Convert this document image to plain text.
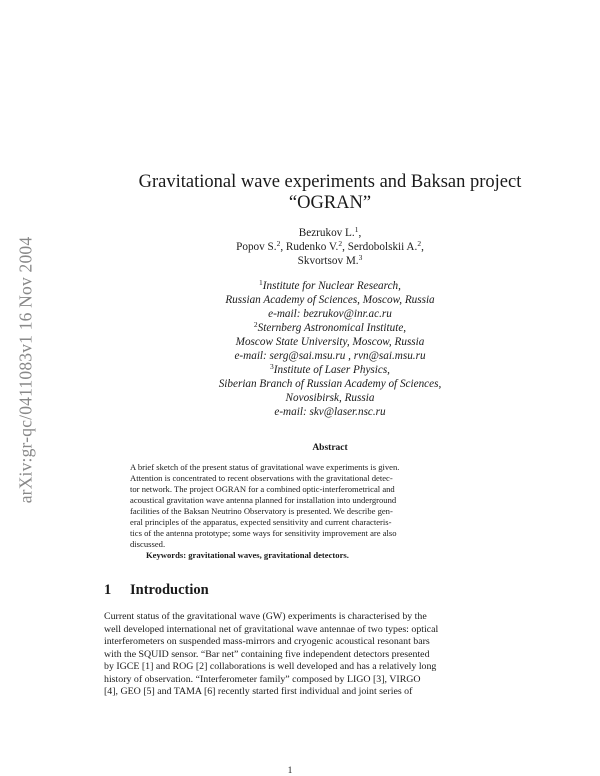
arXiv:gr-qc/0411083v1 16 Nov 2004
Gravitational wave experiments and Baksan project
“OGRAN”
Bezrukov L.$^1$,
Popov S.$^2$, Rudenko V.$^2$, Serdobolskii A.$^2$,
Skvortsov M.$^3$
$^1$Institute for Nuclear Research,
Russian Academy of Sciences, Moscow, Russia
e-mail: bezrukov@inr.ac.ru
$^2$Sternberg Astronomical Institute,
Moscow State University, Moscow, Russia
e-mail: serg@sai.msu.ru , rvn@sai.msu.ru
$^3$Institute of Laser Physics,
Siberian Branch of Russian Academy of Sciences,
Novosibirsk, Russia
e-mail: skv@laser.nsc.ru
Abstract
A brief sketch of the present status of gravitational wave experiments is given.
Attention is concentrated to recent observations with the gravitational detec-
tor network. The project OGRAN for a combined optic-interferometrical and
acoustical gravitation wave antenna planned for installation into underground
facilities of the Baksan Neutrino Observatory is presented. We describe gen-
eral principles of the apparatus, expected sensitivity and current characteris-
tics of the antenna prototype; some ways for sensitivity improvement are also
discussed.
Keywords: gravitational waves, gravitational detectors.
1 Introduction
Current status of the gravitational wave (GW) experiments is characterised by the
well developed international net of gravitational wave antennae of two types: optical
interferometers on suspended mass-mirrors and cryogenic acoustical resonant bars
with the SQUID sensor. “Bar net” containing five independent detectors presented
by IGCE [1] and ROG [2] collaborations is well developed and has a relatively long
history of observation. “Interferometer family” composed by LIGO [3], VIRGO
[4], GEO [5] and TAMA [6] recently started first individual and joint series of
1
